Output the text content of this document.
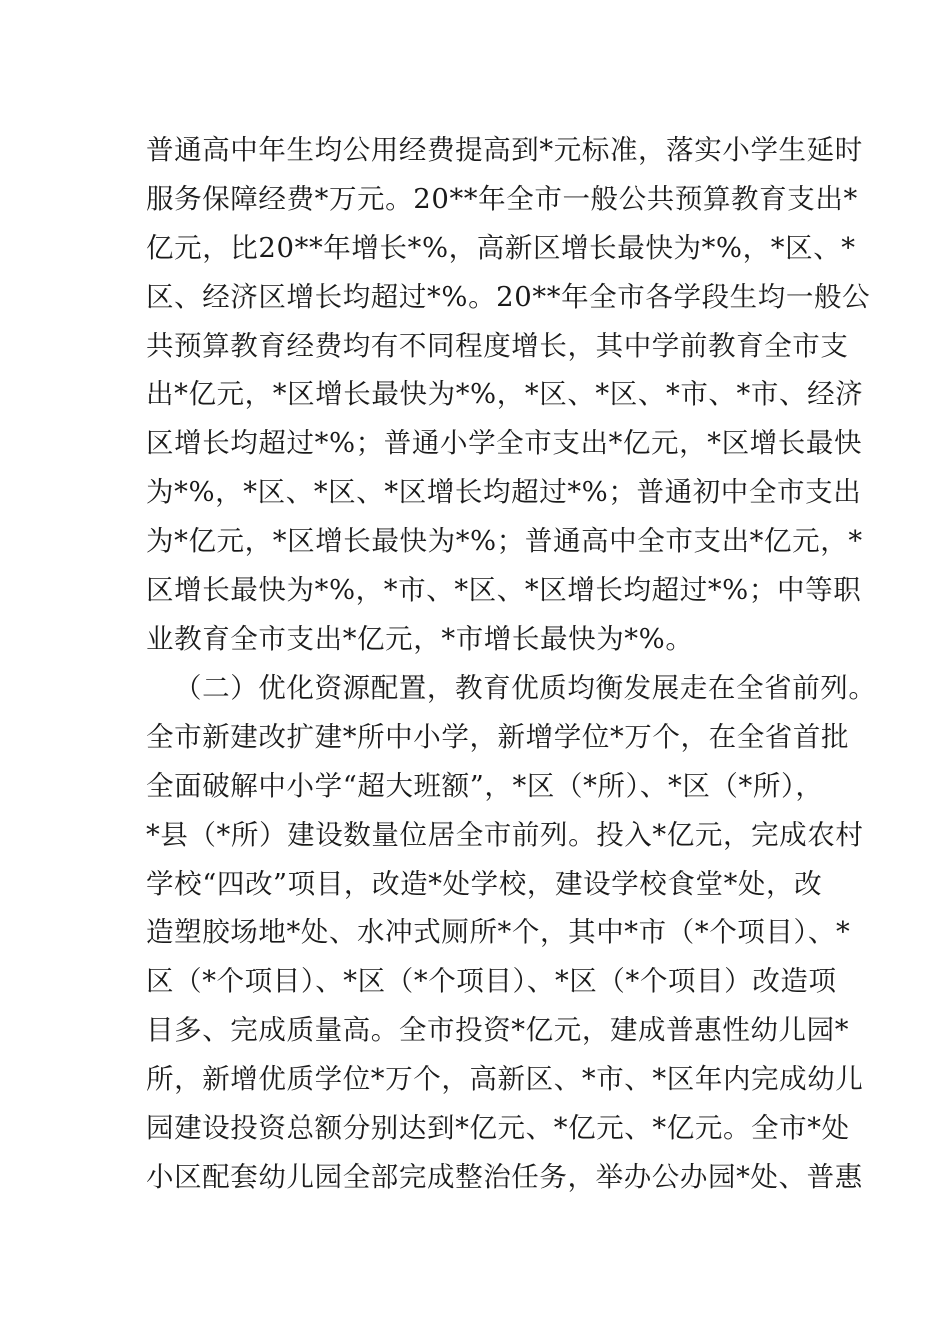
普通高中年生均公用经费提高到*元标准，落实小学生延时
服务保障经费*万元。20**年全市一般公共预算教育支出*
亿元，比20**年增长*%，高新区增长最快为*%，*区、*
区、经济区增长均超过*%。20**年全市各学段生均一般公
共预算教育经费均有不同程度增长，其中学前教育全市支
出*亿元，*区增长最快为*%，*区、*区、*市、*市、经济
区增长均超过*%；普通小学全市支出*亿元，*区增长最快
为*%，*区、*区、*区增长均超过*%；普通初中全市支出
为*亿元，*区增长最快为*%；普通高中全市支出*亿元，*
区增长最快为*%，*市、*区、*区增长均超过*%；中等职
业教育全市支出*亿元，*市增长最快为*%。
（二）优化资源配置，教育优质均衡发展走在全省前列。
全市新建改扩建*所中小学，新增学位*万个，在全省首批
全面破解中小学“超大班额”，*区（*所）、*区（*所），
*县（*所）建设数量位居全市前列。投入*亿元，完成农村
学校“四改”项目，改造*处学校，建设学校食堂*处，改
造塑胶场地*处、水冲式厕所*个，其中*市（*个项目）、*
区（*个项目）、*区（*个项目）、*区（*个项目）改造项
目多、完成质量高。全市投资*亿元，建成普惠性幼儿园*
所，新增优质学位*万个，高新区、*市、*区年内完成幼儿
园建设投资总额分别达到*亿元、*亿元、*亿元。全市*处
小区配套幼儿园全部完成整治任务，举办公办园*处、普惠
